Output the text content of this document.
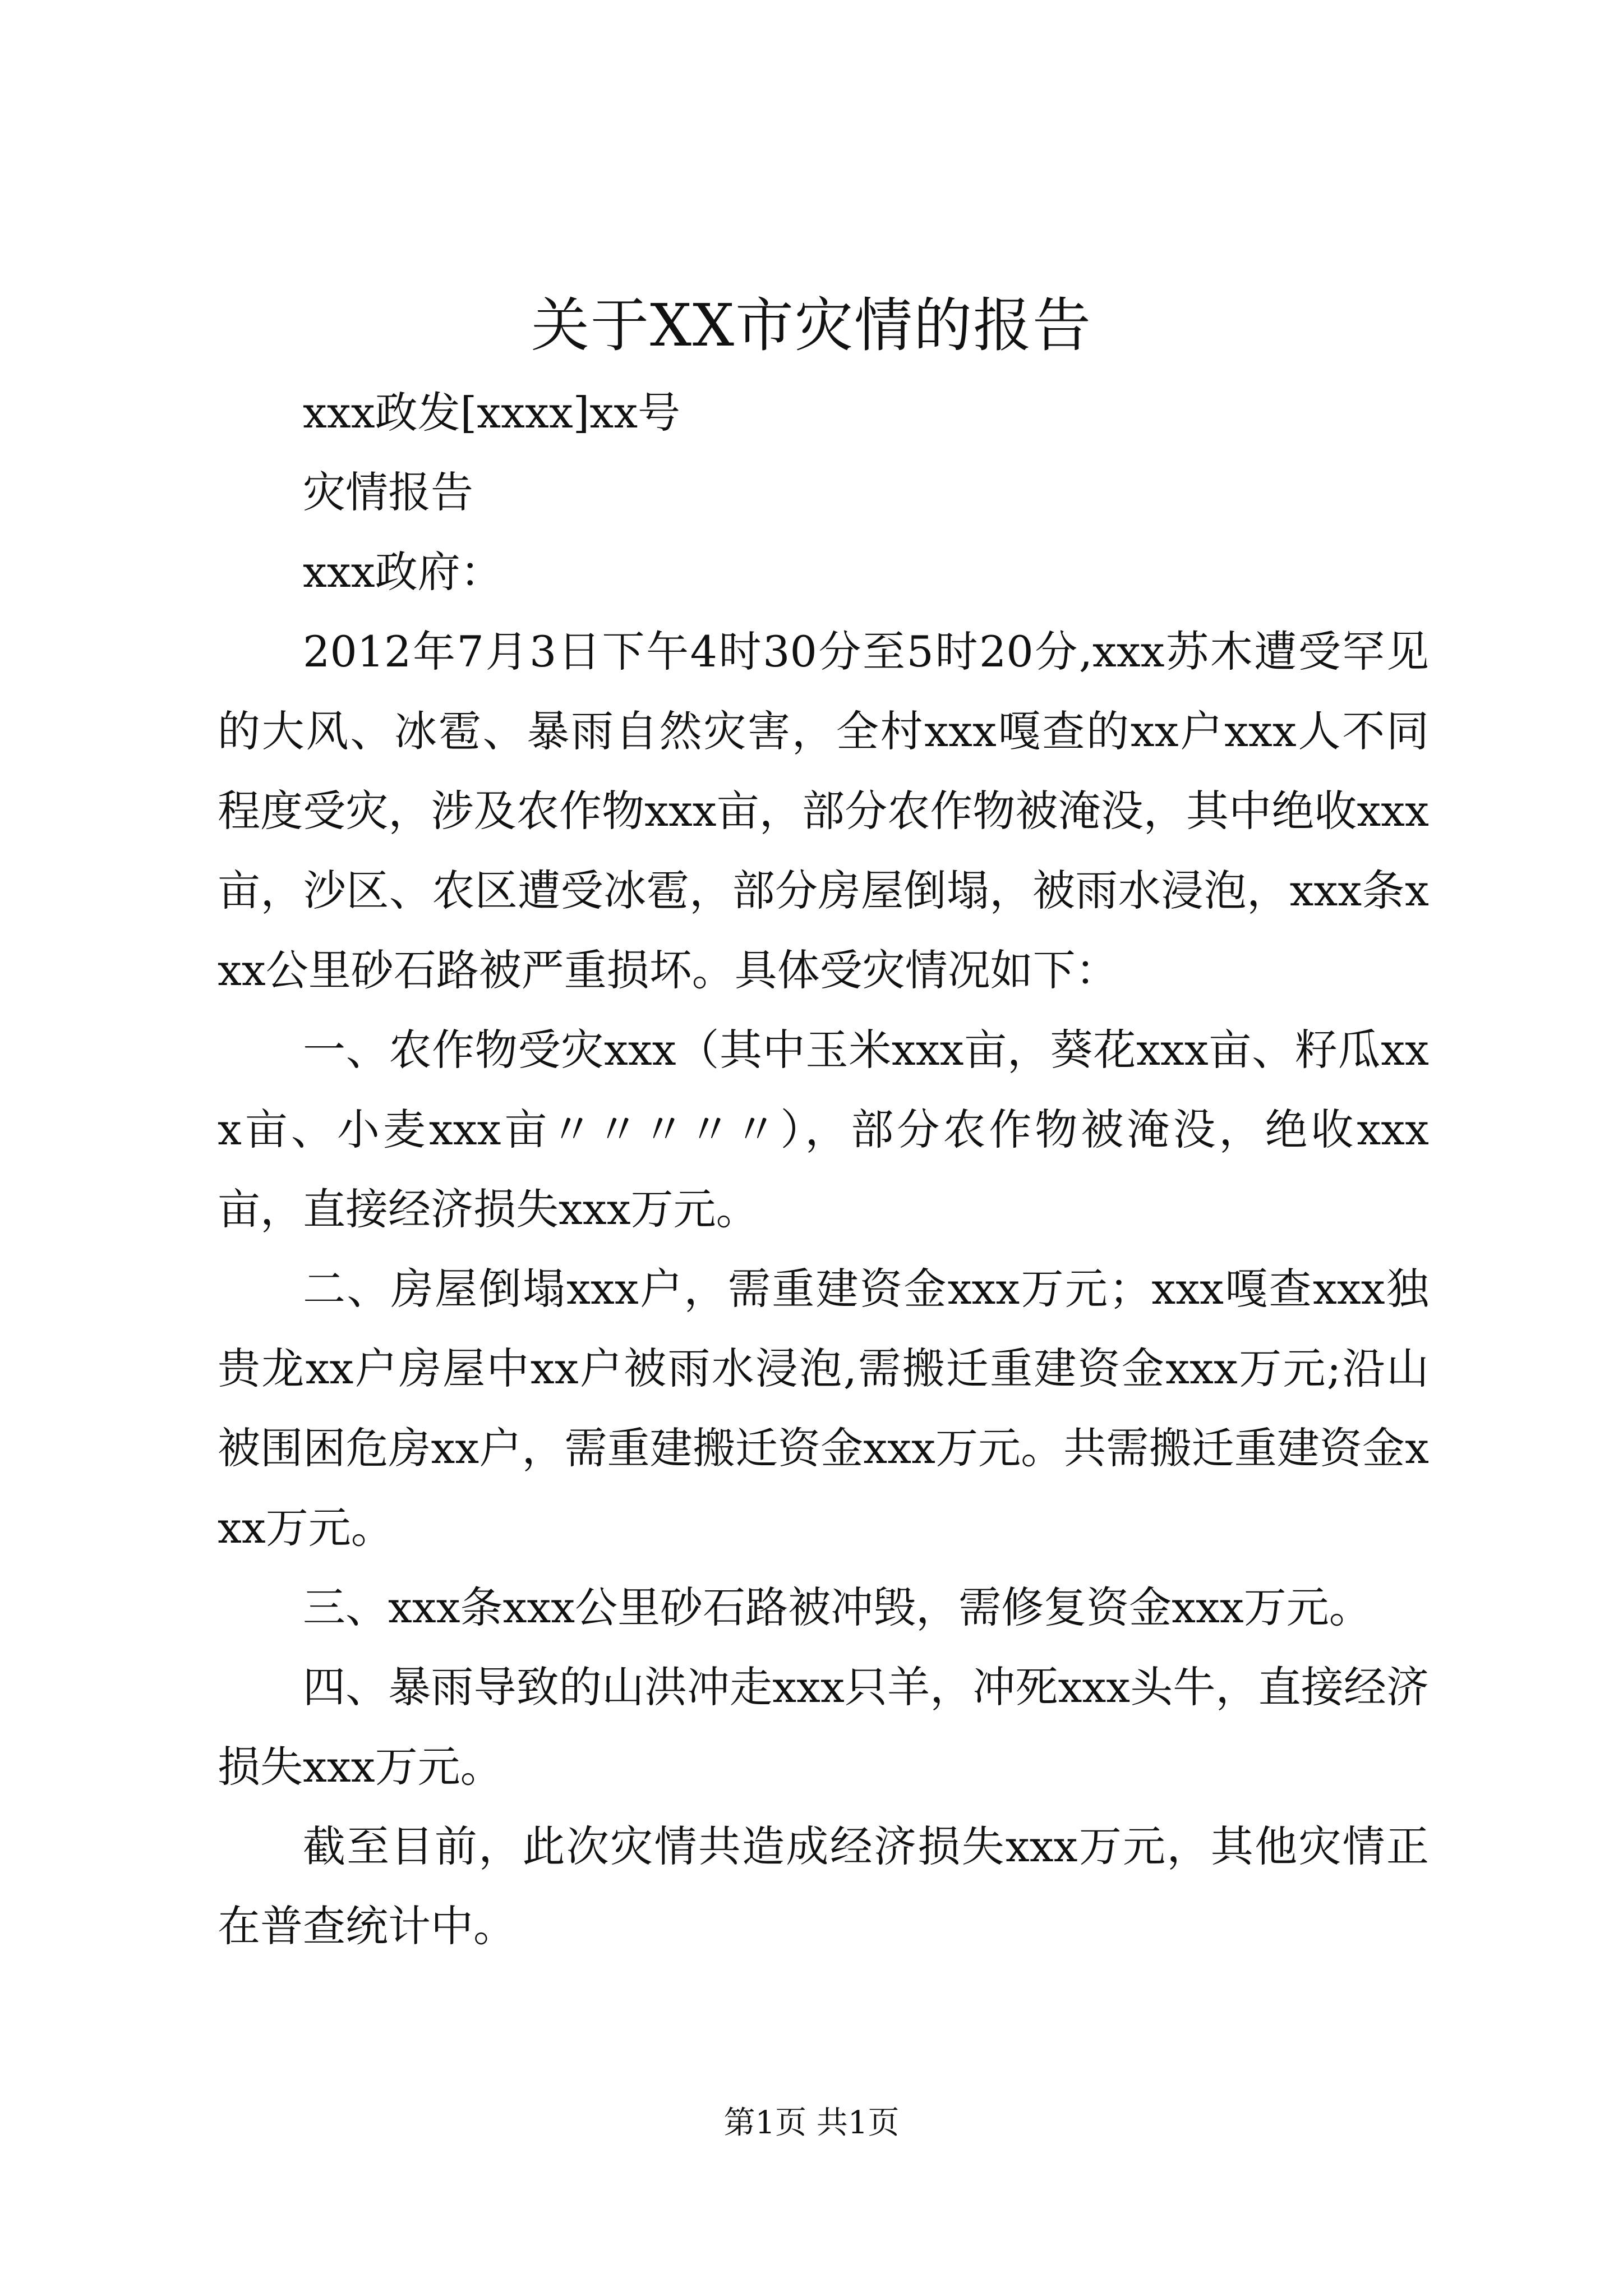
关于XX市灾情的报告

xxx政发[xxxx]xx号

灾情报告

xxx政府：

2012年7月3日下午4时30分至5时20分,xxx苏木遭受罕见的大风、冰雹、暴雨自然灾害，全村xxx嘎查的xx户xxx人不同程度受灾，涉及农作物xxx亩，部分农作物被淹没，其中绝收xxx亩，沙区、农区遭受冰雹，部分房屋倒塌，被雨水浸泡，xxx条xxx公里砂石路被严重损坏。具体受灾情况如下：

一、农作物受灾xxx（其中玉米xxx亩，葵花xxx亩、籽瓜xxx亩、小麦xxx亩〃〃〃〃〃），部分农作物被淹没，绝收xxx亩，直接经济损失xxx万元。

二、房屋倒塌xxx户，需重建资金xxx万元；xxx嘎查xxx独贵龙xx户房屋中xx户被雨水浸泡,需搬迁重建资金xxx万元;沿山被围困危房xx户，需重建搬迁资金xxx万元。共需搬迁重建资金xxx万元。

三、xxx条xxx公里砂石路被冲毁，需修复资金xxx万元。

四、暴雨导致的山洪冲走xxx只羊，冲死xxx头牛，直接经济损失xxx万元。

截至目前，此次灾情共造成经济损失xxx万元，其他灾情正在普查统计中。

第1页 共1页
